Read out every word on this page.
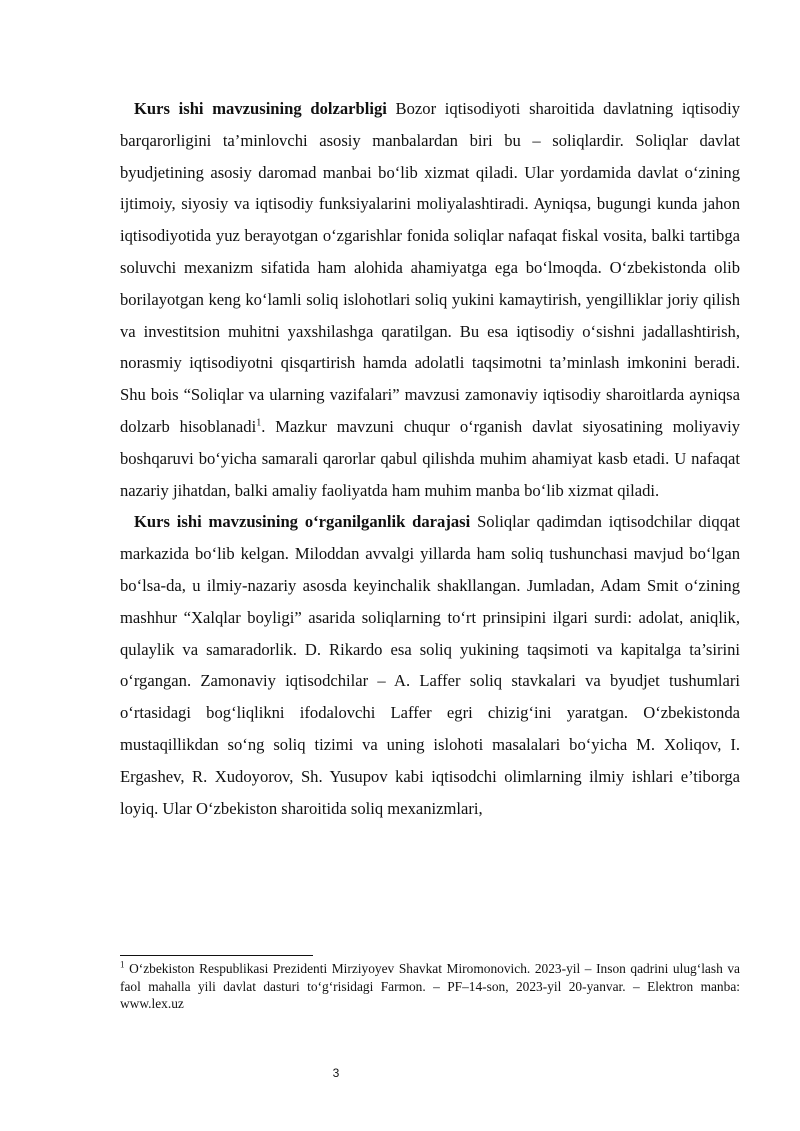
Kurs ishi mavzusining dolzarbligi Bozor iqtisodiyoti sharoitida davlatning iqtisodiy barqarorligini ta’minlovchi asosiy manbalardan biri bu – soliqlardir. Soliqlar davlat byudjetining asosiy daromad manbai bo‘lib xizmat qiladi. Ular yordamida davlat o‘zining ijtimoiy, siyosiy va iqtisodiy funksiyalarini moliyalashtiradi. Ayniqsa, bugungi kunda jahon iqtisodiyotida yuz berayotgan o‘zgarishlar fonida soliqlar nafaqat fiskal vosita, balki tartibga soluvchi mexanizm sifatida ham alohida ahamiyatga ega bo‘lmoqda. O‘zbekistonda olib borilayotgan keng ko‘lamli soliq islohotlari soliq yukini kamaytirish, yengilliklar joriy qilish va investitsion muhitni yaxshilashga qaratilgan. Bu esa iqtisodiy o‘sishni jadallashtirish, norasmiy iqtisodiyotni qisqartirish hamda adolatli taqsimotni ta’minlash imkonini beradi. Shu bois “Soliqlar va ularning vazifalari” mavzusi zamonaviy iqtisodiy sharoitlarda ayniqsa dolzarb hisoblanadi$^1$. Mazkur mavzuni chuqur o‘rganish davlat siyosatining moliyaviy boshqaruvi bo‘yicha samarali qarorlar qabul qilishda muhim ahamiyat kasb etadi. U nafaqat nazariy jihatdan, balki amaliy faoliyatda ham muhim manba bo‘lib xizmat qiladi.

Kurs ishi mavzusining o‘rganilganlik darajasi Soliqlar qadimdan iqtisodchilar diqqat markazida bo‘lib kelgan. Miloddan avvalgi yillarda ham soliq tushunchasi mavjud bo‘lgan bo‘lsa-da, u ilmiy-nazariy asosda keyinchalik shakllangan. Jumladan, Adam Smit o‘zining mashhur “Xalqlar boyligi” asarida soliqlarning to‘rt prinsipini ilgari surdi: adolat, aniqlik, qulaylik va samaradorlik. D. Rikardo esa soliq yukining taqsimoti va kapitalga ta’sirini o‘rgangan. Zamonaviy iqtisodchilar – A. Laffer soliq stavkalari va byudjet tushumlari o‘rtasidagi bog‘liqlikni ifodalovchi Laffer egri chizig‘ini yaratgan. O‘zbekistonda mustaqillikdan so‘ng soliq tizimi va uning islohoti masalalari bo‘yicha M. Xoliqov, I. Ergashev, R. Xudoyorov, Sh. Yusupov kabi iqtisodchi olimlarning ilmiy ishlari e’tiborga loyiq. Ular O‘zbekiston sharoitida soliq mexanizmlari,

$^1$ O‘zbekiston Respublikasi Prezidenti Mirziyoyev Shavkat Miromonovich. 2023-yil – Inson qadrini ulug‘lash va faol mahalla yili davlat dasturi to‘g‘risidagi Farmon. – PF–14-son, 2023-yil 20-yanvar. – Elektron manba: www.lex.uz
3
